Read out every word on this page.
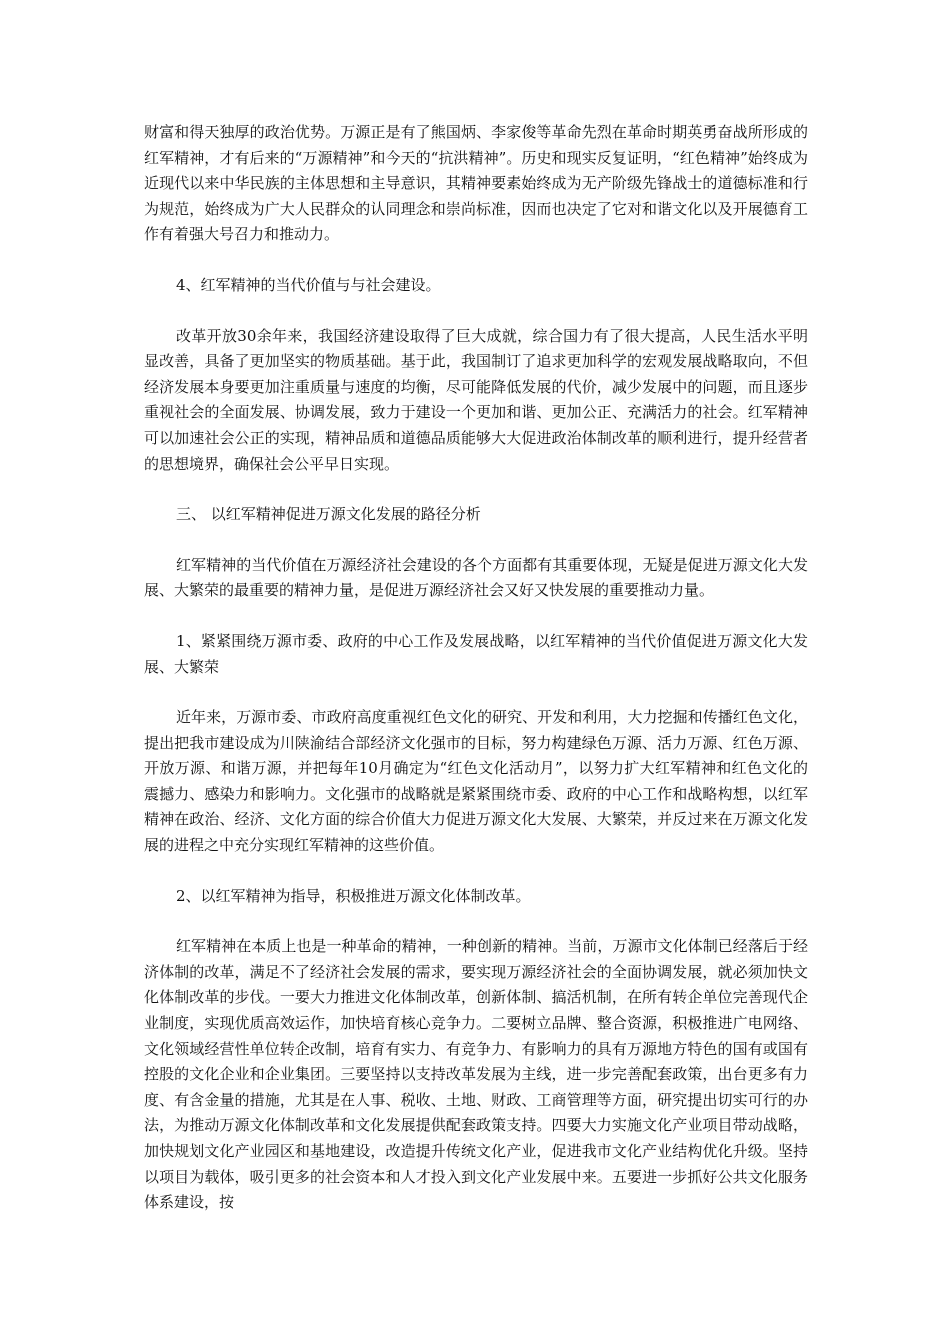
财富和得天独厚的政治优势。万源正是有了熊国炳、李家俊等革命先烈在革命时期英勇奋战所形成的红军精神，才有后来的“万源精神”和今天的“抗洪精神”。历史和现实反复证明，“红色精神”始终成为近现代以来中华民族的主体思想和主导意识，其精神要素始终成为无产阶级先锋战士的道德标准和行为规范，始终成为广大人民群众的认同理念和崇尚标准，因而也决定了它对和谐文化以及开展德育工作有着强大号召力和推动力。

4、红军精神的当代价值与与社会建设。

改革开放30余年来，我国经济建设取得了巨大成就，综合国力有了很大提高，人民生活水平明显改善，具备了更加坚实的物质基础。基于此，我国制订了追求更加科学的宏观发展战略取向，不但经济发展本身要更加注重质量与速度的均衡，尽可能降低发展的代价，减少发展中的问题，而且逐步重视社会的全面发展、协调发展，致力于建设一个更加和谐、更加公正、充满活力的社会。红军精神可以加速社会公正的实现，精神品质和道德品质能够大大促进政治体制改革的顺利进行，提升经营者的思想境界，确保社会公平早日实现。

三、 以红军精神促进万源文化发展的路径分析

红军精神的当代价值在万源经济社会建设的各个方面都有其重要体现，无疑是促进万源文化大发展、大繁荣的最重要的精神力量，是促进万源经济社会又好又快发展的重要推动力量。

1、紧紧围绕万源市委、政府的中心工作及发展战略，以红军精神的当代价值促进万源文化大发展、大繁荣

近年来，万源市委、市政府高度重视红色文化的研究、开发和利用，大力挖掘和传播红色文化，提出把我市建设成为川陕渝结合部经济文化强市的目标，努力构建绿色万源、活力万源、红色万源、开放万源、和谐万源，并把每年10月确定为“红色文化活动月”，以努力扩大红军精神和红色文化的震撼力、感染力和影响力。文化强市的战略就是紧紧围绕市委、政府的中心工作和战略构想，以红军精神在政治、经济、文化方面的综合价值大力促进万源文化大发展、大繁荣，并反过来在万源文化发展的进程之中充分实现红军精神的这些价值。

2、以红军精神为指导，积极推进万源文化体制改革。

红军精神在本质上也是一种革命的精神，一种创新的精神。当前，万源市文化体制已经落后于经济体制的改革，满足不了经济社会发展的需求，要实现万源经济社会的全面协调发展，就必须加快文化体制改革的步伐。一要大力推进文化体制改革，创新体制、搞活机制，在所有转企单位完善现代企业制度，实现优质高效运作，加快培育核心竞争力。二要树立品牌、整合资源，积极推进广电网络、文化领域经营性单位转企改制，培育有实力、有竞争力、有影响力的具有万源地方特色的国有或国有控股的文化企业和企业集团。三要坚持以支持改革发展为主线，进一步完善配套政策，出台更多有力度、有含金量的措施，尤其是在人事、税收、土地、财政、工商管理等方面，研究提出切实可行的办法，为推动万源文化体制改革和文化发展提供配套政策支持。四要大力实施文化产业项目带动战略，加快规划文化产业园区和基地建设，改造提升传统文化产业，促进我市文化产业结构优化升级。坚持以项目为载体，吸引更多的社会资本和人才投入到文化产业发展中来。五要进一步抓好公共文化服务体系建设，按
